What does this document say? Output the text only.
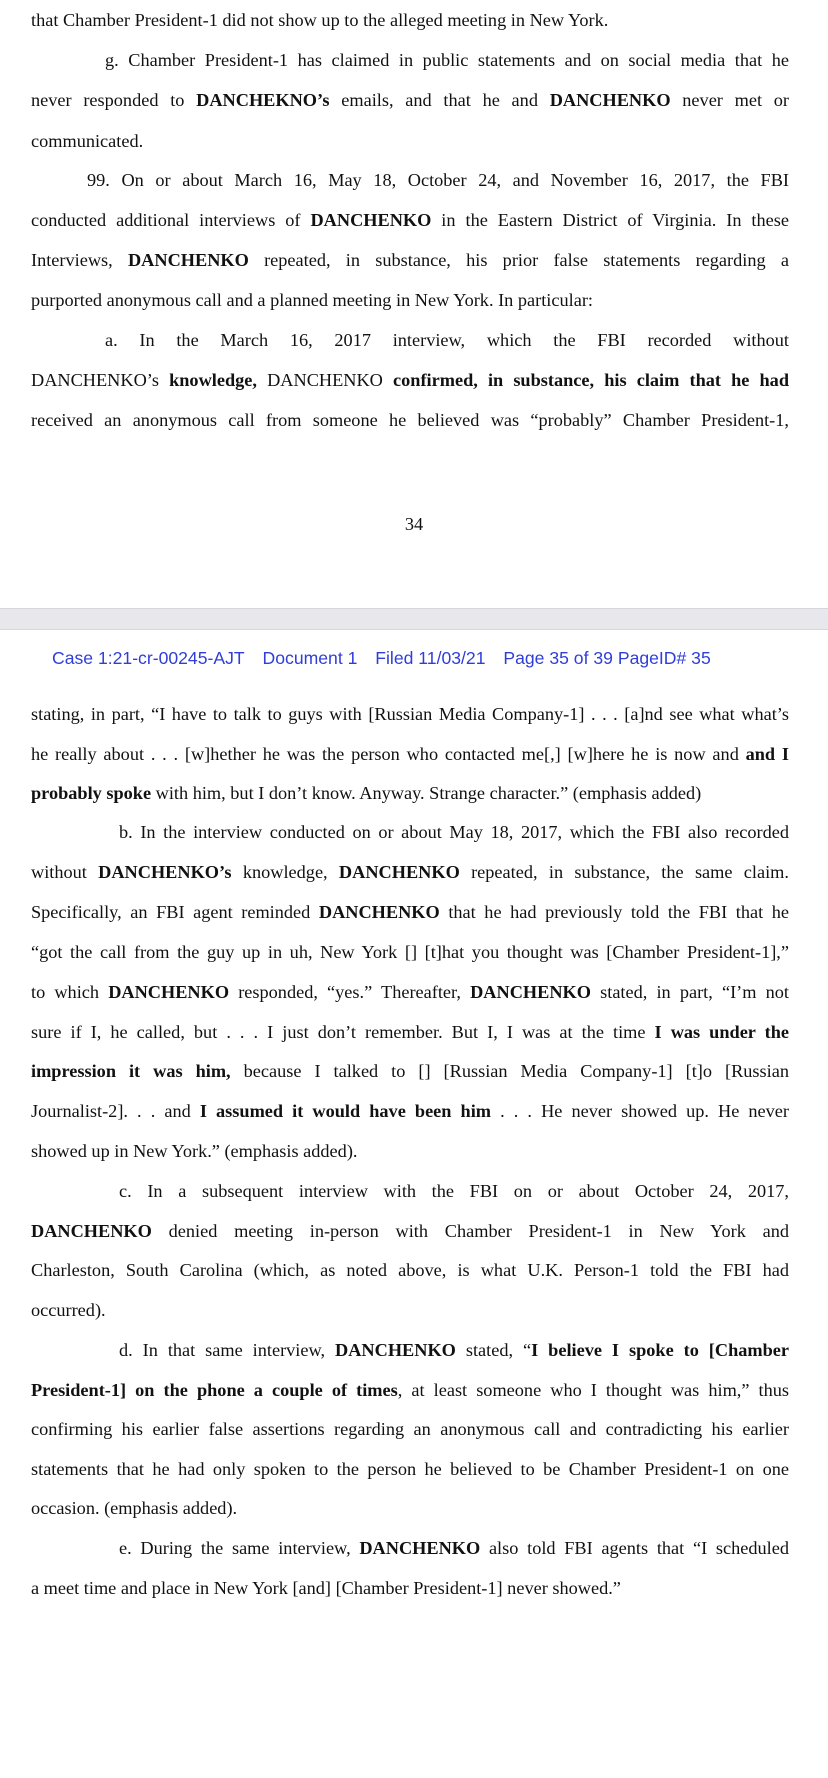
that Chamber President-1 did not show up to the alleged meeting in New York.
g. Chamber President-1 has claimed in public statements and on social media that he
never responded to DANCHEKNO’s emails, and that he and DANCHENKO never met or
communicated.
99. On or about March 16, May 18, October 24, and November 16, 2017, the FBI
conducted additional interviews of DANCHENKO in the Eastern District of Virginia. In these
Interviews, DANCHENKO repeated, in substance, his prior false statements regarding a
purported anonymous call and a planned meeting in New York. In particular:
a. In the March 16, 2017 interview, which the FBI recorded without
DANCHENKO’s knowledge, DANCHENKO confirmed, in substance, his claim that he had
received an anonymous call from someone he believed was “probably” Chamber President-1,
34
Case 1:21-cr-00245-AJT Document 1 Filed 11/03/21 Page 35 of 39 PageID# 35
stating, in part, “I have to talk to guys with [Russian Media Company-1] . . . [a]nd see what what’s
he really about . . . [w]hether he was the person who contacted me[,] [w]here he is now and and I
probably spoke with him, but I don’t know. Anyway. Strange character.” (emphasis added)
b. In the interview conducted on or about May 18, 2017, which the FBI also recorded
without DANCHENKO’s knowledge, DANCHENKO repeated, in substance, the same claim.
Specifically, an FBI agent reminded DANCHENKO that he had previously told the FBI that he
“got the call from the guy up in uh, New York [] [t]hat you thought was [Chamber President-1],”
to which DANCHENKO responded, “yes.” Thereafter, DANCHENKO stated, in part, “I’m not
sure if I, he called, but . . . I just don’t remember. But I, I was at the time I was under the
impression it was him, because I talked to [] [Russian Media Company-1] [t]o [Russian
Journalist-2]. . . and I assumed it would have been him . . . He never showed up. He never
showed up in New York.” (emphasis added).
c. In a subsequent interview with the FBI on or about October 24, 2017,
DANCHENKO denied meeting in-person with Chamber President-1 in New York and
Charleston, South Carolina (which, as noted above, is what U.K. Person-1 told the FBI had
occurred).
d. In that same interview, DANCHENKO stated, “I believe I spoke to [Chamber
President-1] on the phone a couple of times, at least someone who I thought was him,” thus
confirming his earlier false assertions regarding an anonymous call and contradicting his earlier
statements that he had only spoken to the person he believed to be Chamber President-1 on one
occasion. (emphasis added).
e. During the same interview, DANCHENKO also told FBI agents that “I scheduled
a meet time and place in New York [and] [Chamber President-1] never showed.”
